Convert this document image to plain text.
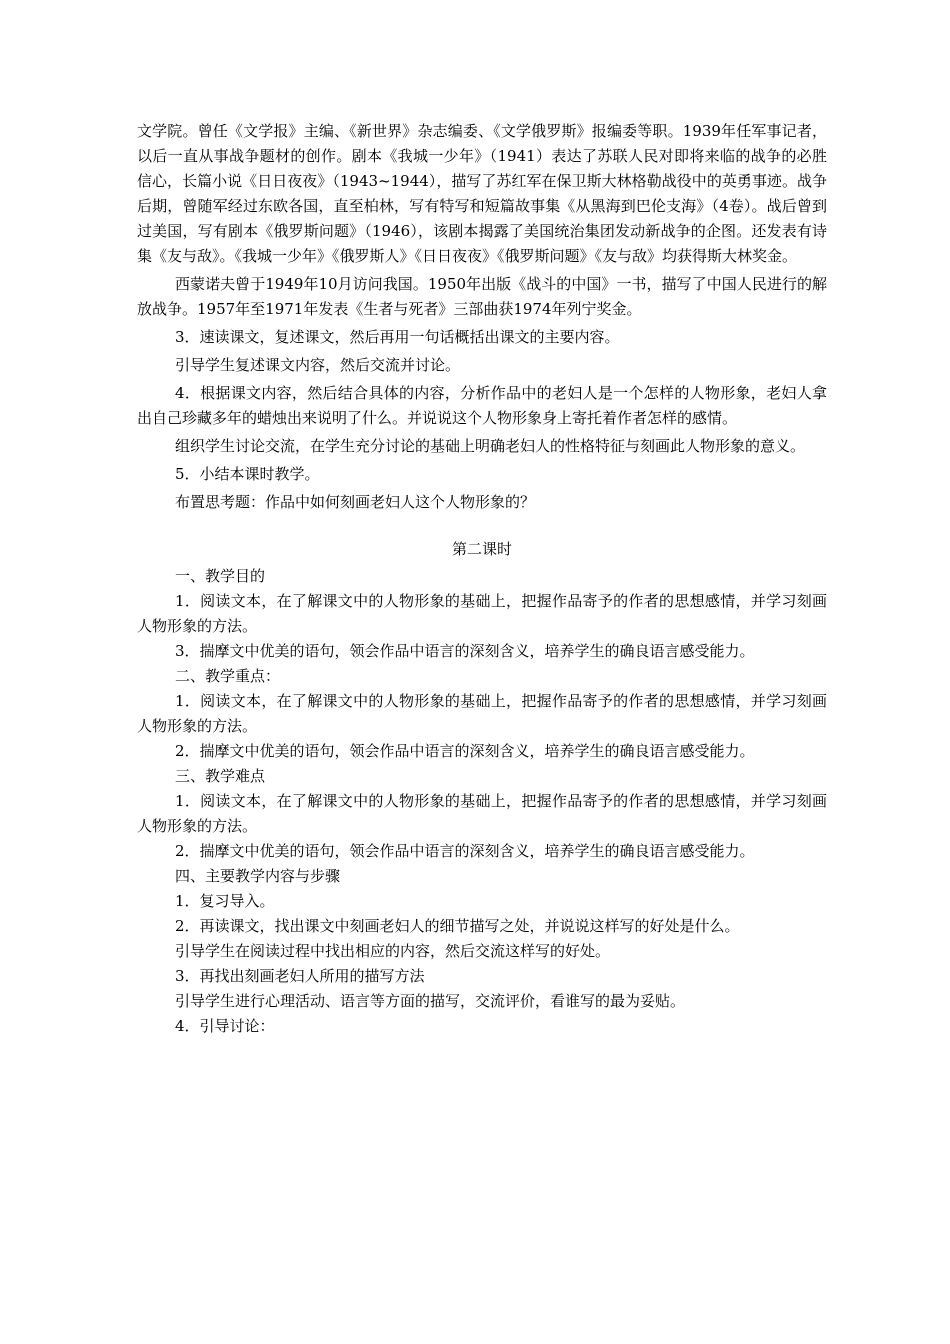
文学院。曾任《文学报》主编、《新世界》杂志编委、《文学俄罗斯》报编委等职。1939年任军事记者，以后一直从事战争题材的创作。剧本《我城一少年》（1941）表达了苏联人民对即将来临的战争的必胜信心，长篇小说《日日夜夜》（1943~1944），描写了苏红军在保卫斯大林格勒战役中的英勇事迹。战争后期，曾随军经过东欧各国，直至柏林，写有特写和短篇故事集《从黑海到巴伦支海》（4卷）。战后曾到过美国，写有剧本《俄罗斯问题》（1946），该剧本揭露了美国统治集团发动新战争的企图。还发表有诗集《友与敌》。《我城一少年》《俄罗斯人》《日日夜夜》《俄罗斯问题》《友与敌》均获得斯大林奖金。

西蒙诺夫曾于1949年10月访问我国。1950年出版《战斗的中国》一书，描写了中国人民进行的解放战争。1957年至1971年发表《生者与死者》三部曲获1974年列宁奖金。

3．速读课文，复述课文，然后再用一句话概括出课文的主要内容。

引导学生复述课文内容，然后交流并讨论。

4．根据课文内容，然后结合具体的内容，分析作品中的老妇人是一个怎样的人物形象，老妇人拿出自己珍藏多年的蜡烛出来说明了什么。并说说这个人物形象身上寄托着作者怎样的感情。

组织学生讨论交流，在学生充分讨论的基础上明确老妇人的性格特征与刻画此人物形象的意义。

5．小结本课时教学。

布置思考题：作品中如何刻画老妇人这个人物形象的？

第二课时

一、教学目的

1．阅读文本，在了解课文中的人物形象的基础上，把握作品寄予的作者的思想感情，并学习刻画人物形象的方法。

3．揣摩文中优美的语句，领会作品中语言的深刻含义，培养学生的确良语言感受能力。

二、教学重点：

1．阅读文本，在了解课文中的人物形象的基础上，把握作品寄予的作者的思想感情，并学习刻画人物形象的方法。

2．揣摩文中优美的语句，领会作品中语言的深刻含义，培养学生的确良语言感受能力。

三、教学难点

1．阅读文本，在了解课文中的人物形象的基础上，把握作品寄予的作者的思想感情，并学习刻画人物形象的方法。

2．揣摩文中优美的语句，领会作品中语言的深刻含义，培养学生的确良语言感受能力。

四、主要教学内容与步骤

1．复习导入。

2．再读课文，找出课文中刻画老妇人的细节描写之处，并说说这样写的好处是什么。

引导学生在阅读过程中找出相应的内容，然后交流这样写的好处。

3．再找出刻画老妇人所用的描写方法

引导学生进行心理活动、语言等方面的描写，交流评价，看谁写的最为妥贴。

4．引导讨论：
